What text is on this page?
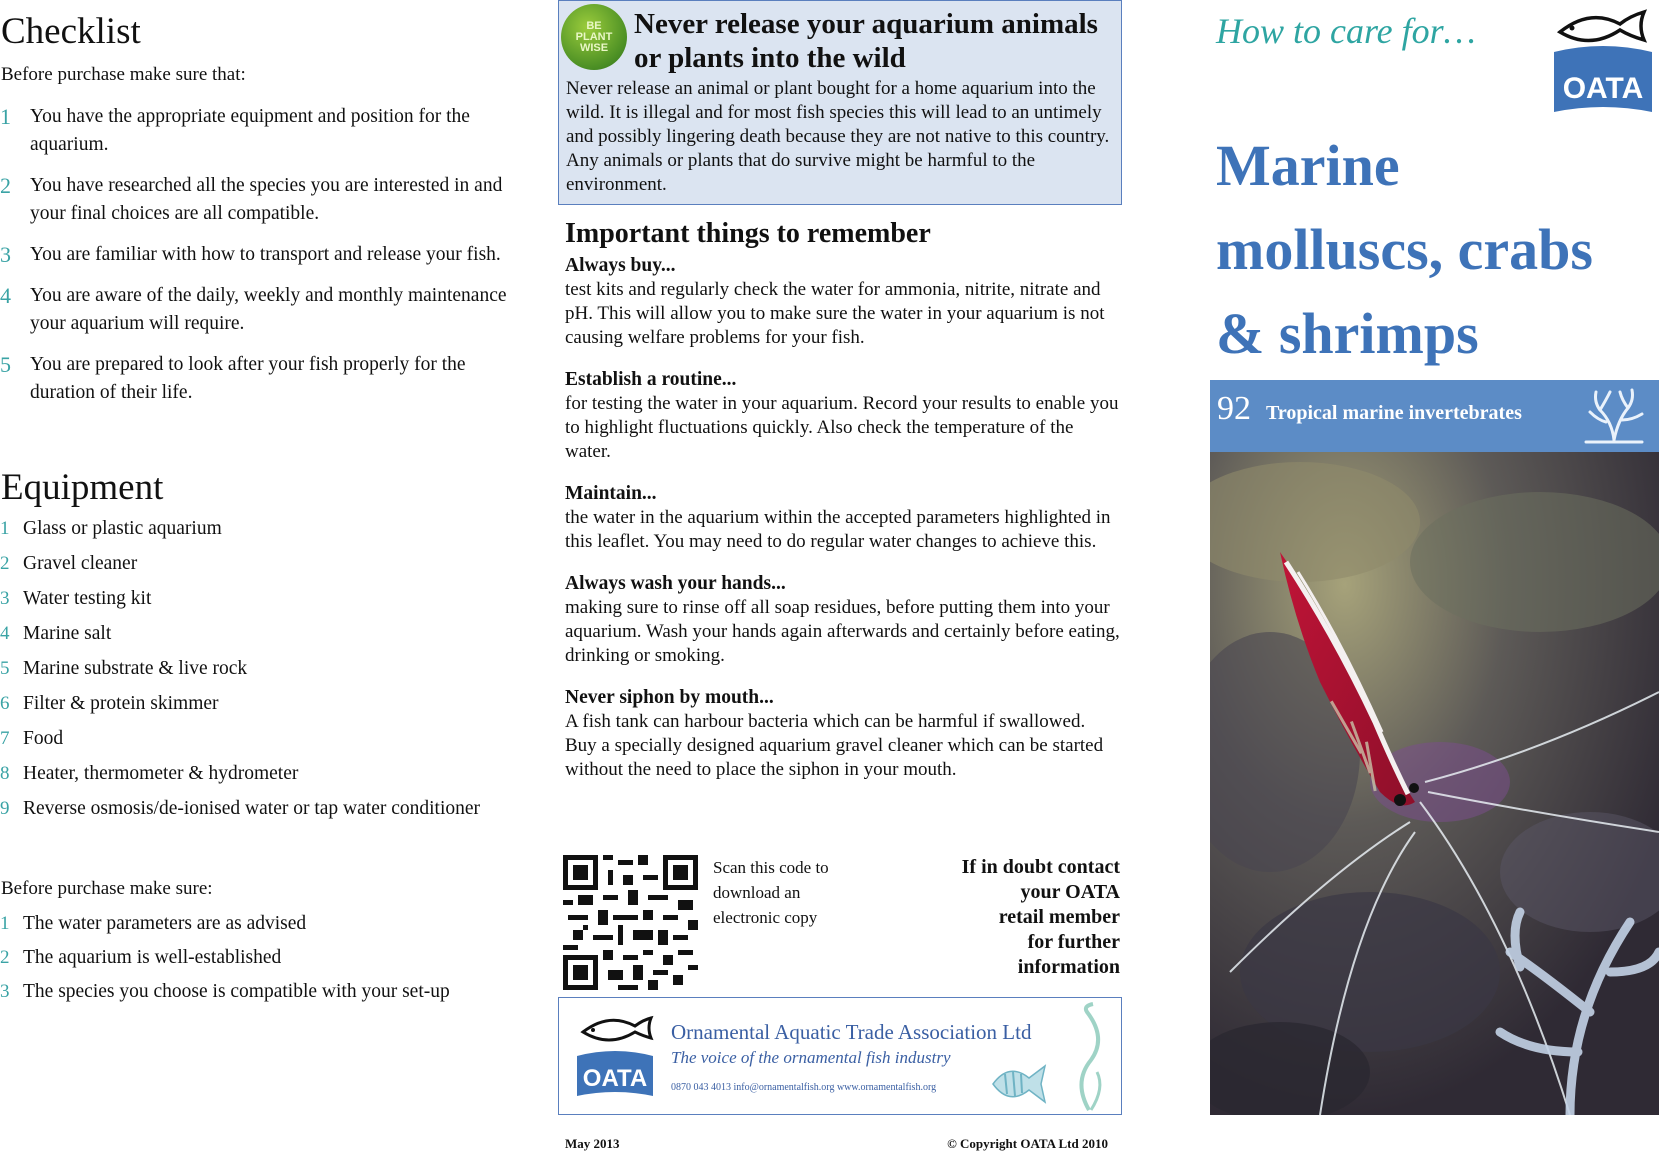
Checklist
Before purchase make sure that:
1 You have the appropriate equipment and position for the aquarium.
2 You have researched all the species you are interested in and your final choices are all compatible.
3 You are familiar with how to transport and release your fish.
4 You are aware of the daily, weekly and monthly maintenance your aquarium will require.
5 You are prepared to look after your fish properly for the duration of their life.
Equipment
1 Glass or plastic aquarium
2 Gravel cleaner
3 Water testing kit
4 Marine salt
5 Marine substrate & live rock
6 Filter & protein skimmer
7 Food
8 Heater, thermometer & hydrometer
9 Reverse osmosis/de-ionised water or tap water conditioner
Before purchase make sure:
1 The water parameters are as advised
2 The aquarium is well-established
3 The species you choose is compatible with your set-up
BE
PLANT
WISE
Never release your aquarium animals or plants into the wild

Never release an animal or plant bought for a home aquarium into the wild. It is illegal and for most fish species this will lead to an untimely and possibly lingering death because they are not native to this country. Any animals or plants that do survive might be harmful to the environment.

Important things to remember
Always buy...

test kits and regularly check the water for ammonia, nitrite, nitrate and pH. This will allow you to make sure the water in your aquarium is not causing welfare problems for your fish.

Establish a routine...

for testing the water in your aquarium. Record your results to enable you to highlight fluctuations quickly. Also check the temperature of the water.

Maintain...

the water in the aquarium within the accepted parameters highlighted in this leaflet. You may need to do regular water changes to achieve this.

Always wash your hands...

making sure to rinse off all soap residues, before putting them into your aquarium. Wash your hands again afterwards and certainly before eating, drinking or smoking.

Never siphon by mouth...

A fish tank can harbour bacteria which can be harmful if swallowed. Buy a specially designed aquarium gravel cleaner which can be started without the need to place the siphon in your mouth.

Scan this code to
download an
electronic copy
If in doubt contact
your OATA
retail member
for further
information
OATA
Ornamental Aquatic Trade Association Ltd
The voice of the ornamental fish industry
0870 043 4013 info@ornamentalfish.org www.ornamentalfish.org
May 2013	© Copyright OATA Ltd 2010
How to care for…
OATA
Marine
molluscs, crabs
& shrimps
92 Tropical marine invertebrates
